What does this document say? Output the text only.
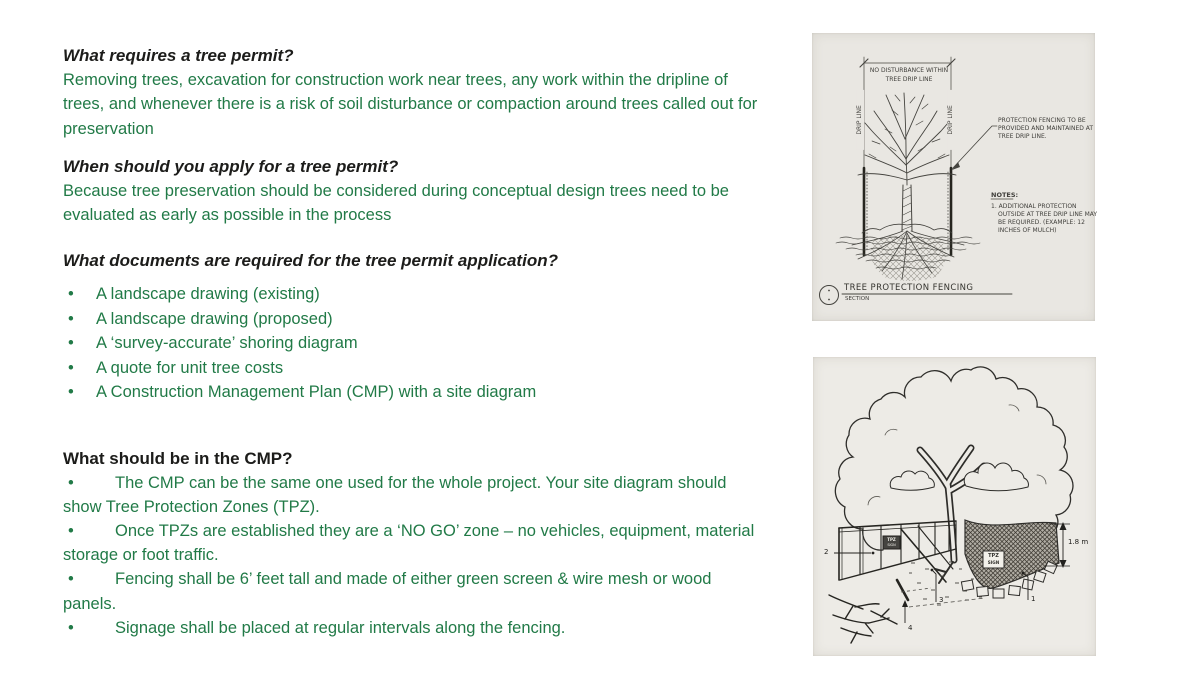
What requires a tree permit?

Removing trees, excavation for construction work near trees, any work within the dripline of trees, and whenever there is a risk of soil disturbance or compaction around trees called out for preservation

When should you apply for a tree permit?

Because tree preservation should be considered during conceptual design trees need to be evaluated as early as possible in the process

What documents are required for the tree permit application?

• A landscape drawing (existing)
• A landscape drawing (proposed)
• A ‘survey-accurate’ shoring diagram
• A quote for unit tree costs
• A Construction Management Plan (CMP) with a site diagram

What should be in the CMP?

• The CMP can be the same one used for the whole project. Your site diagram should show Tree Protection Zones (TPZ).

• Once TPZs are established they are a ‘NO GO’ zone – no vehicles, equipment, material storage or foot traffic.

• Fencing shall be 6’ feet tall and made of either green screen & wire mesh or wood panels.

• Signage shall be placed at regular intervals along the fencing.

NO DISTURBANCE WITHIN
TREE DRIP LINE
DRIP LINE	DRIP LINE	PROTECTION FENCING TO BE PROVIDED AND MAINTAINED AT TREE DRIP LINE.
NOTES:
1. ADDITIONAL PROTECTION OUTSIDE AT TREE DRIP LINE MAY BE REQUIRED. (EXAMPLE: 12 INCHES OF MULCH)
TREE PROTECTION FENCING
SECTION
1
2
3
4
1.8 m
TPZ
SIGN
TPZ
SIGN
